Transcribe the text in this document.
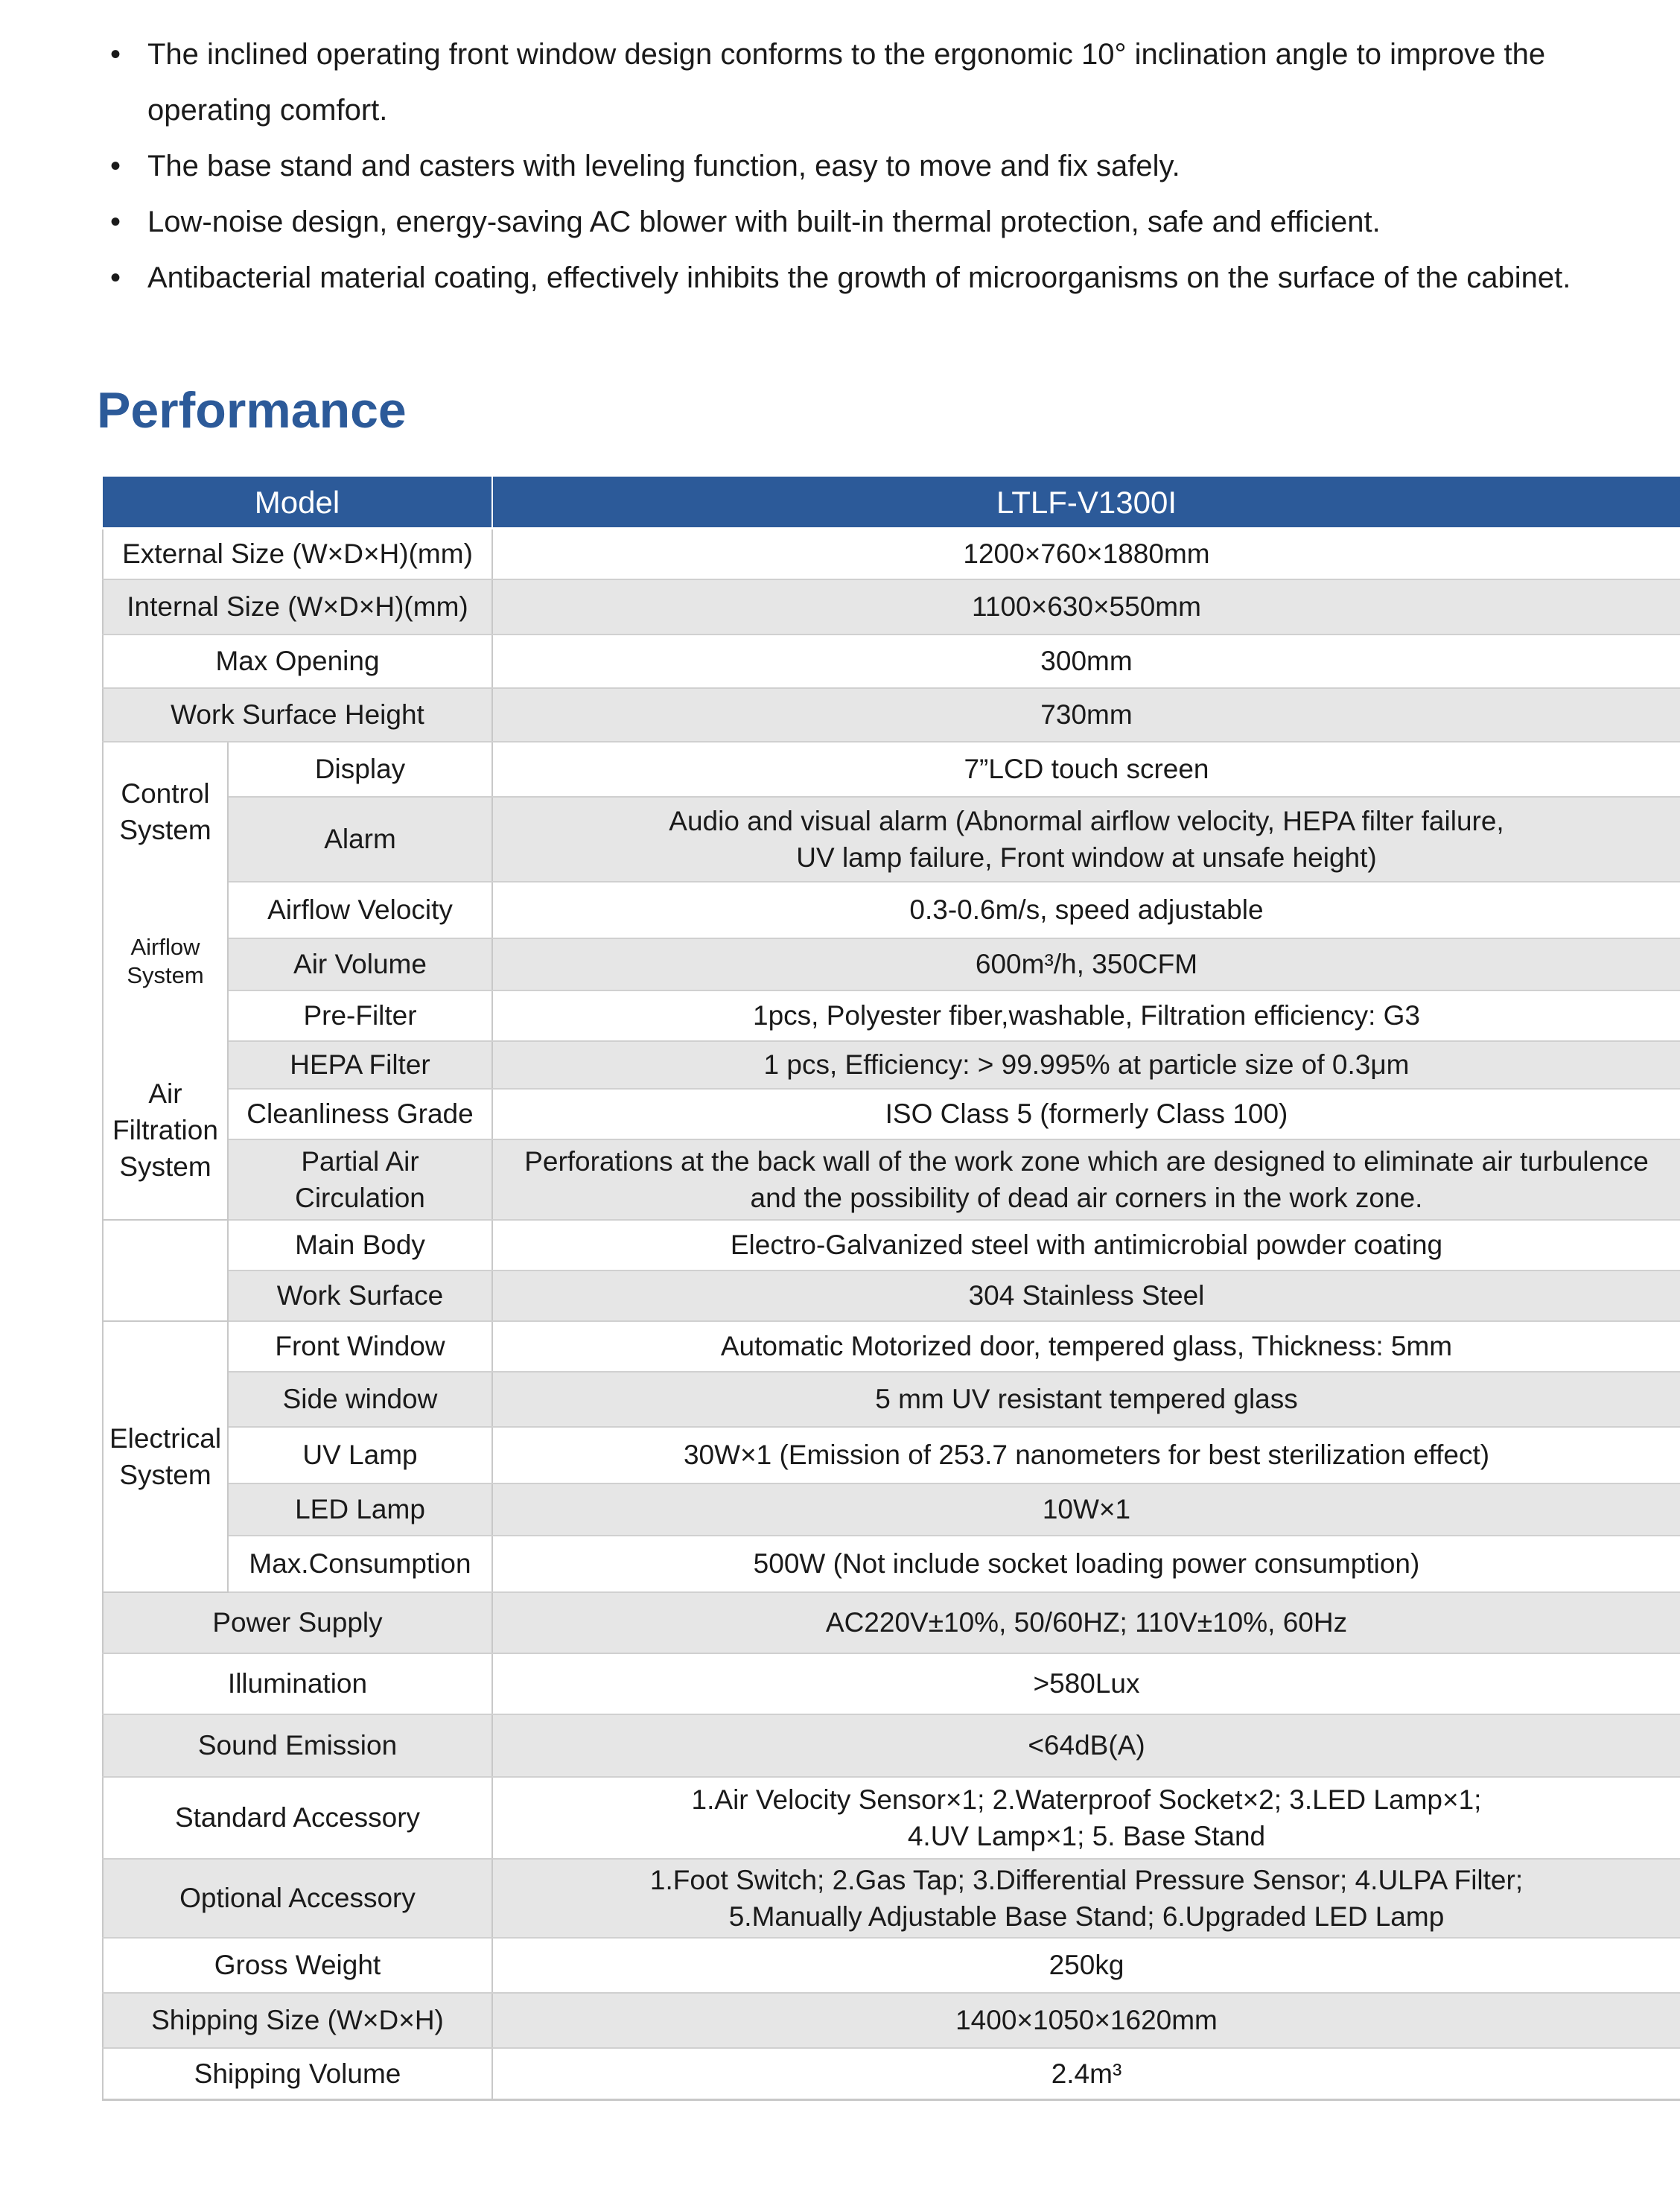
• The inclined operating front window design conforms to the ergonomic 10° inclination angle to improve the operating comfort.
• The base stand and casters with leveling function, easy to move and fix safely.
• Low-noise design, energy-saving AC blower with built-in thermal protection, safe and efficient.
• Antibacterial material coating, effectively inhibits the growth of microorganisms on the surface of the cabinet.
Performance
Model		LTLF-V1300I
External Size (W×D×H)(mm)		1200×760×1880mm
Internal Size (W×D×H)(mm)		1100×630×550mm
Max Opening		300mm
Work Surface Height		730mm
Control System	Display	7”LCD touch screen
	Alarm	Audio and visual alarm (Abnormal airflow velocity, HEPA filter failure,
UV lamp failure, Front window at unsafe height)

Airflow System	Airflow Velocity	0.3-0.6m/s, speed adjustable
	Air Volume	600m³/h, 350CFM
	Pre-Filter	1pcs, Polyester fiber,washable, Filtration efficiency: G3
Air Filtration System	HEPA Filter	1 pcs, Efficiency: > 99.995% at particle size of 0.3μm
	Cleanliness Grade	ISO Class 5 (formerly Class 100)
	Partial Air Circulation	Perforations at the back wall of the work zone which are designed to eliminate air turbulence
and the possibility of dead air corners in the work zone.

	Main Body	Electro-Galvanized steel with antimicrobial powder coating
	Work Surface	304 Stainless Steel
Electrical System	Front Window	Automatic Motorized door, tempered glass, Thickness: 5mm
	Side window	5 mm UV resistant tempered glass
	UV Lamp	30W×1 (Emission of 253.7 nanometers for best sterilization effect)
	LED Lamp	10W×1
	Max.Consumption	500W (Not include socket loading power consumption)
Power Supply		AC220V±10%, 50/60HZ; 110V±10%, 60Hz
Illumination		>580Lux
Sound Emission		<64dB(A)
Standard Accessory		1.Air Velocity Sensor×1; 2.Waterproof Socket×2; 3.LED Lamp×1;
4.UV Lamp×1; 5. Base Stand

Optional Accessory		1.Foot Switch; 2.Gas Tap; 3.Differential Pressure Sensor; 4.ULPA Filter;
5.Manually Adjustable Base Stand; 6.Upgraded LED Lamp

Gross Weight		250kg
Shipping Size (W×D×H)		1400×1050×1620mm
Shipping Volume		2.4m³
